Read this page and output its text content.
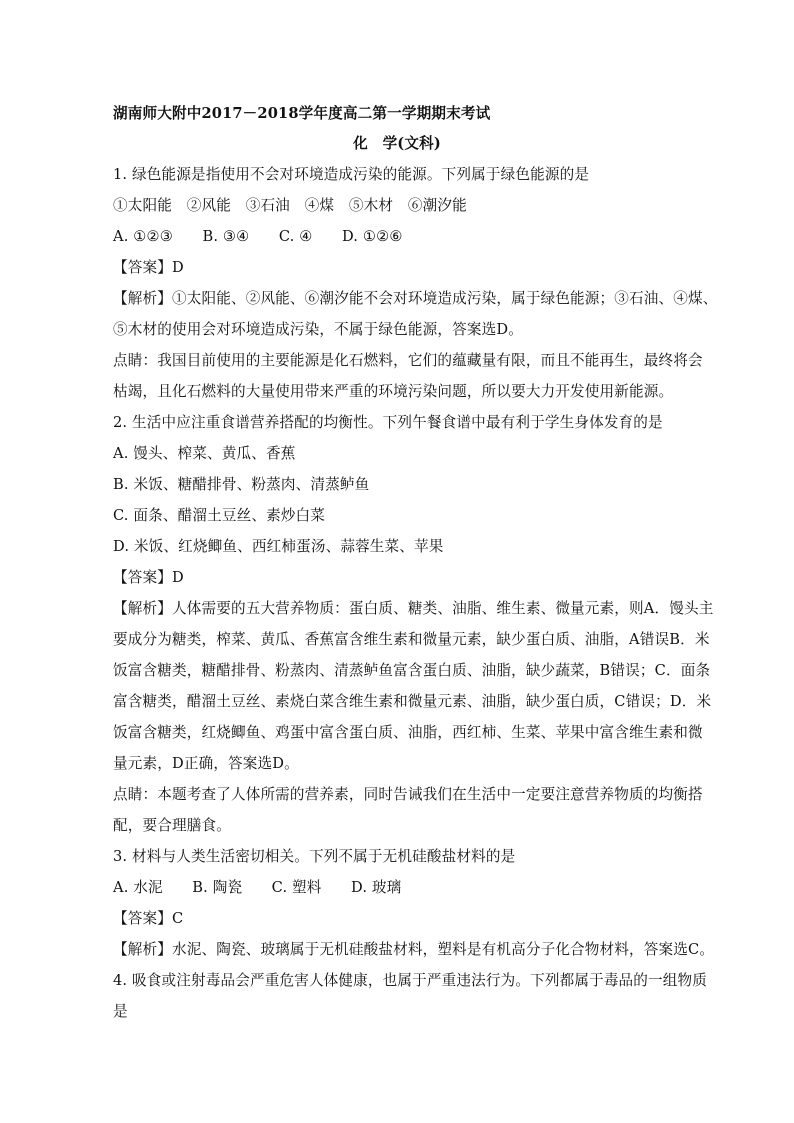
湖南师大附中2017－2018学年度高二第一学期期末考试
化　学(文科)
1. 绿色能源是指使用不会对环境造成污染的能源。下列属于绿色能源的是
①太阳能　②风能　③石油　④煤　⑤木材　⑥潮汐能
A. ①②③　　B. ③④　　C. ④　　D. ①②⑥
【答案】D
【解析】①太阳能、②风能、⑥潮汐能不会对环境造成污染，属于绿色能源；③石油、④煤、
⑤木材的使用会对环境造成污染，不属于绿色能源，答案选D。
点睛：我国目前使用的主要能源是化石燃料，它们的蕴藏量有限，而且不能再生，最终将会
枯竭，且化石燃料的大量使用带来严重的环境污染问题，所以要大力开发使用新能源。
2. 生活中应注重食谱营养搭配的均衡性。下列午餐食谱中最有利于学生身体发育的是
A. 馒头、榨菜、黄瓜、香蕉
B. 米饭、糖醋排骨、粉蒸肉、清蒸鲈鱼
C. 面条、醋溜土豆丝、素炒白菜
D. 米饭、红烧鲫鱼、西红柿蛋汤、蒜蓉生菜、苹果
【答案】D
【解析】人体需要的五大营养物质：蛋白质、糖类、油脂、维生素、微量元素，则A．馒头主
要成分为糖类，榨菜、黄瓜、香蕉富含维生素和微量元素，缺少蛋白质、油脂，A错误B．米
饭富含糖类，糖醋排骨、粉蒸肉、清蒸鲈鱼富含蛋白质、油脂，缺少蔬菜，B错误；C．面条
富含糖类，醋溜土豆丝、素烧白菜含维生素和微量元素、油脂，缺少蛋白质，C错误；D．米
饭富含糖类，红烧鲫鱼、鸡蛋中富含蛋白质、油脂，西红柿、生菜、苹果中富含维生素和微
量元素，D正确，答案选D。
点睛：本题考查了人体所需的营养素，同时告诫我们在生活中一定要注意营养物质的均衡搭
配，要合理膳食。
3. 材料与人类生活密切相关。下列不属于无机硅酸盐材料的是
A. 水泥　　B. 陶瓷　　C. 塑料　　D. 玻璃
【答案】C
【解析】水泥、陶瓷、玻璃属于无机硅酸盐材料，塑料是有机高分子化合物材料，答案选C。
4. 吸食或注射毒品会严重危害人体健康，也属于严重违法行为。下列都属于毒品的一组物质
是
